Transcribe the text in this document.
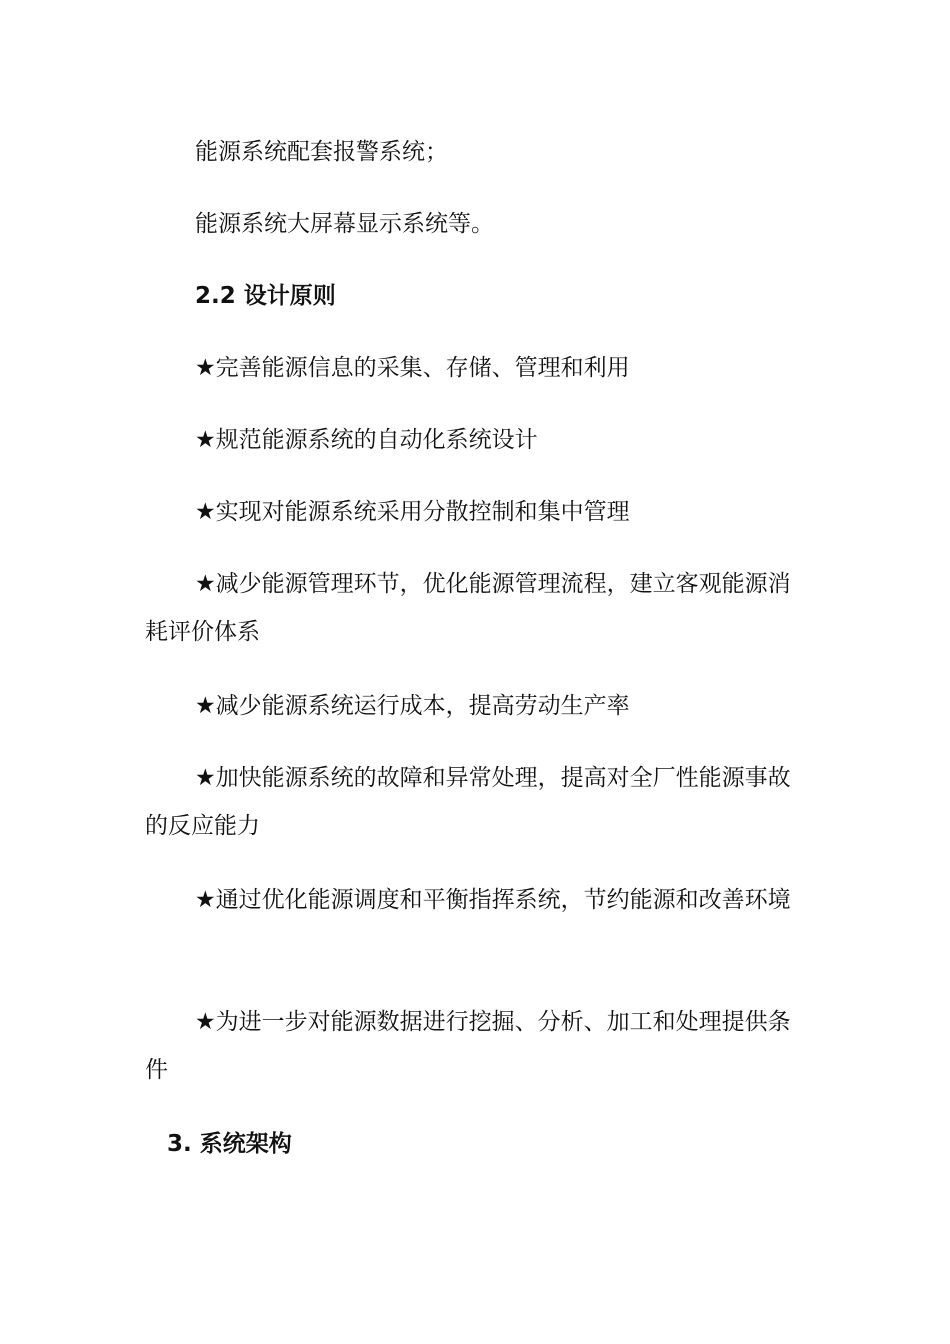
能源系统配套报警系统；

能源系统大屏幕显示系统等。

2.2 设计原则

★完善能源信息的采集、存储、管理和利用

★规范能源系统的自动化系统设计

★实现对能源系统采用分散控制和集中管理

★减少能源管理环节，优化能源管理流程，建立客观能源消耗评价体系

★减少能源系统运行成本，提高劳动生产率

★加快能源系统的故障和异常处理，提高对全厂性能源事故的反应能力

★通过优化能源调度和平衡指挥系统，节约能源和改善环境

★为进一步对能源数据进行挖掘、分析、加工和处理提供条件

3. 系统架构
